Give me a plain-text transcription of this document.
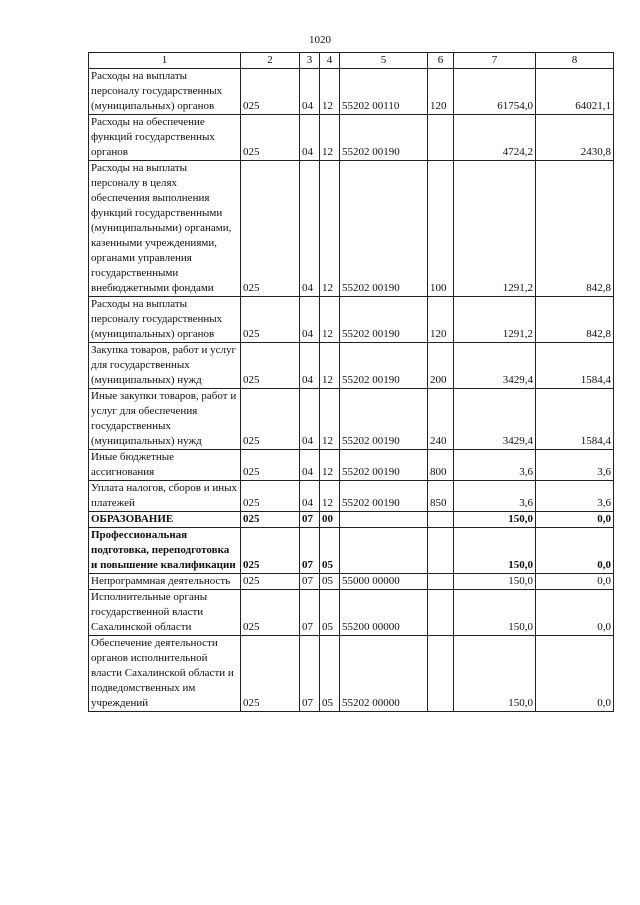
1020
1	2	3	4	5	6	7	8
Расходы на выплаты персоналу государственных (муниципальных) органов	025	04	12	55202 00110	120	61754,0	64021,1
Расходы на обеспечение функций государственных органов	025	04	12	55202 00190		4724,2	2430,8
Расходы на выплаты персоналу в целях обеспечения выполнения функций государственными (муниципальными) органами, казенными учреждениями, органами управления государственными внебюджетными фондами	025	04	12	55202 00190	100	1291,2	842,8
Расходы на выплаты персоналу государственных (муниципальных) органов	025	04	12	55202 00190	120	1291,2	842,8
Закупка товаров, работ и услуг для государственных (муниципальных) нужд	025	04	12	55202 00190	200	3429,4	1584,4
Иные закупки товаров, работ и услуг для обеспечения государственных (муниципальных) нужд	025	04	12	55202 00190	240	3429,4	1584,4
Иные бюджетные ассигнования	025	04	12	55202 00190	800	3,6	3,6
Уплата налогов, сборов и иных платежей	025	04	12	55202 00190	850	3,6	3,6
ОБРАЗОВАНИЕ	025	07	00			150,0	0,0
Профессиональная подготовка, переподготовка и повышение квалификации	025	07	05			150,0	0,0
Непрограммная деятельность	025	07	05	55000 00000		150,0	0,0
Исполнительные органы государственной власти Сахалинской области	025	07	05	55200 00000		150,0	0,0
Обеспечение деятельности органов исполнительной власти Сахалинской области и подведомственных им учреждений	025	07	05	55202 00000		150,0	0,0
